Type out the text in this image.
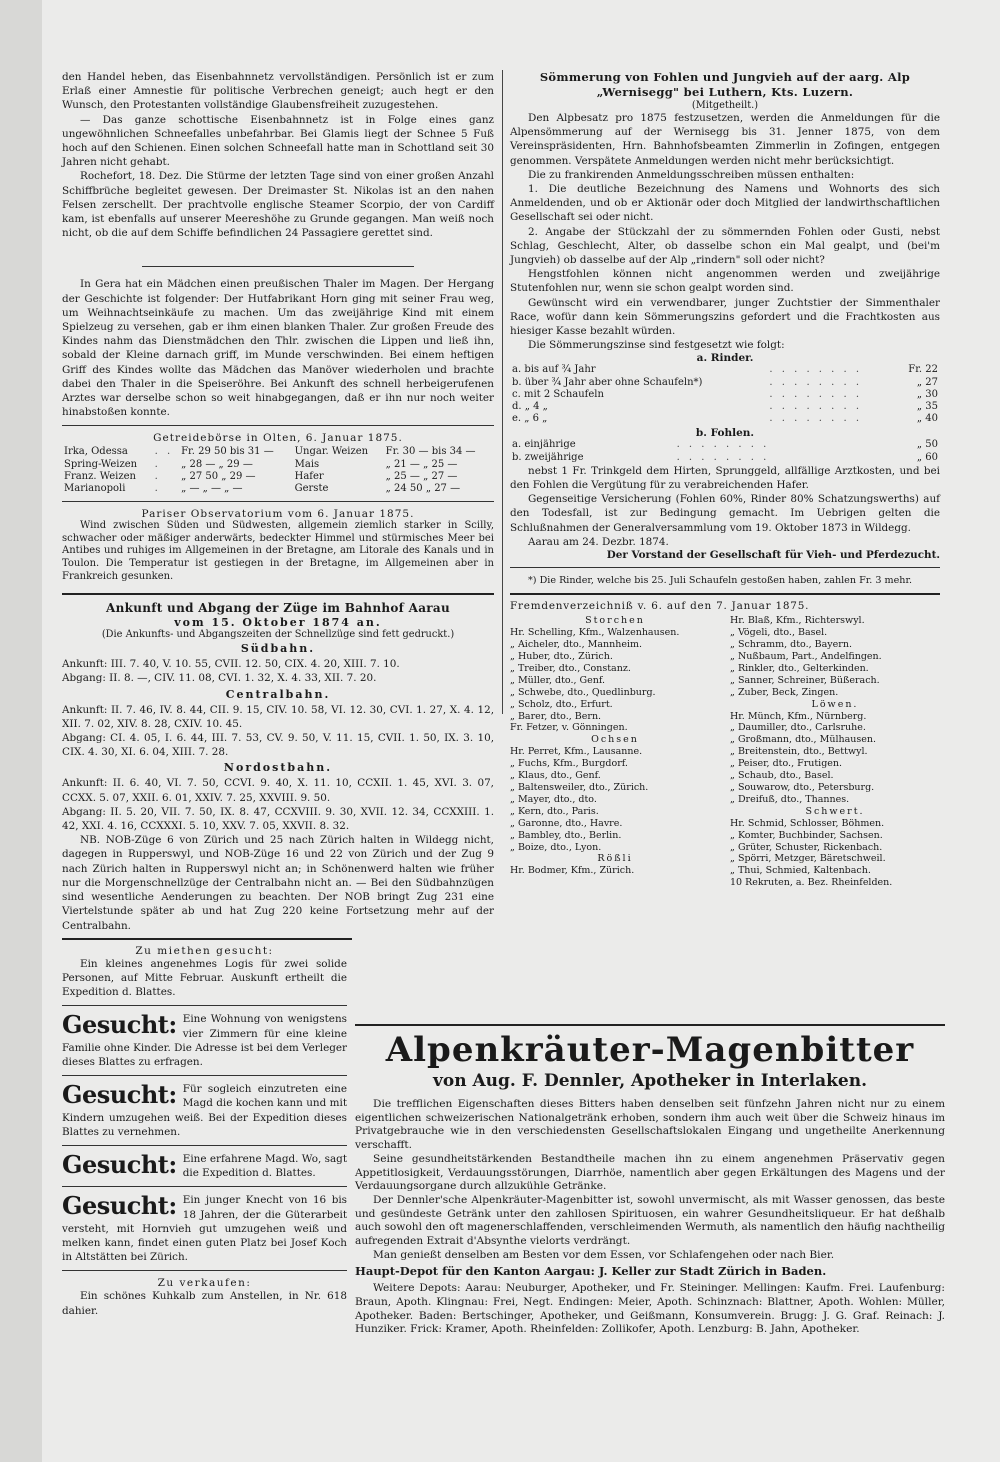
den Handel heben, das Eisenbahnnetz vervollständigen. Persönlich ist er zum Erlaß einer Amnestie für politische Verbrechen geneigt; auch hegt er den Wunsch, den Protestanten vollständige Glaubensfreiheit zuzugestehen.

— Das ganze schottische Eisenbahnnetz ist in Folge eines ganz ungewöhnlichen Schneefalles unbefahrbar. Bei Glamis liegt der Schnee 5 Fuß hoch auf den Schienen. Einen solchen Schneefall hatte man in Schottland seit 30 Jahren nicht gehabt.

Rochefort, 18. Dez. Die Stürme der letzten Tage sind von einer großen Anzahl Schiffbrüche begleitet gewesen. Der Dreimaster St. Nikolas ist an den nahen Felsen zerschellt. Der prachtvolle englische Steamer Scorpio, der von Cardiff kam, ist ebenfalls auf unserer Meereshöhe zu Grunde gegangen. Man weiß noch nicht, ob die auf dem Schiffe befindlichen 24 Passagiere gerettet sind.

In Gera hat ein Mädchen einen preußischen Thaler im Magen. Der Hergang der Geschichte ist folgender: Der Hutfabrikant Horn ging mit seiner Frau weg, um Weihnachtseinkäufe zu machen. Um das zweijährige Kind mit einem Spielzeug zu versehen, gab er ihm einen blanken Thaler. Zur großen Freude des Kindes nahm das Dienstmädchen den Thlr. zwischen die Lippen und ließ ihn, sobald der Kleine darnach griff, im Munde verschwinden. Bei einem heftigen Griff des Kindes wollte das Mädchen das Manöver wiederholen und brachte dabei den Thaler in die Speiseröhre. Bei Ankunft des schnell herbeigerufenen Arztes war derselbe schon so weit hinabgegangen, daß er ihn nur noch weiter hinabstoßen konnte.

Getreidebörse in Olten, 6. Januar 1875.
Irka, Odessa	. .	Fr. 29 50 bis 31 —	Ungar. Weizen	Fr. 30 — bis 34 —
Spring-Weizen	.	„ 28 — „ 29 —	Mais	„ 21 — „ 25 —
Franz. Weizen	.	„ 27 50 „ 29 —	Hafer	„ 25 — „ 27 —
Marianopoli	.	„ — „ — „ —	Gerste	„ 24 50 „ 27 —
Pariser Observatorium vom 6. Januar 1875.

Wind zwischen Süden und Südwesten, allgemein ziemlich starker in Scilly, schwacher oder mäßiger anderwärts, bedeckter Himmel und stürmisches Meer bei Antibes und ruhiges im Allgemeinen in der Bretagne, am Litorale des Kanals und in Toulon. Die Temperatur ist gestiegen in der Bretagne, im Allgemeinen aber in Frankreich gesunken.

Ankunft und Abgang der Züge im Bahnhof Aarau
vom 15. Oktober 1874 an.
(Die Ankunfts- und Abgangszeiten der Schnellzüge sind fett gedruckt.)
Südbahn.

Ankunft: III. 7. 40, V. 10. 55, CVII. 12. 50, CIX. 4. 20, XIII. 7. 10.

Abgang: II. 8. —, CIV. 11. 08, CVI. 1. 32, X. 4. 33, XII. 7. 20.

Centralbahn.

Ankunft: II. 7. 46, IV. 8. 44, CII. 9. 15, CIV. 10. 58, VI. 12. 30, CVI. 1. 27, X. 4. 12, XII. 7. 02, XIV. 8. 28, CXIV. 10. 45.

Abgang: CI. 4. 05, I. 6. 44, III. 7. 53, CV. 9. 50, V. 11. 15, CVII. 1. 50, IX. 3. 10, CIX. 4. 30, XI. 6. 04, XIII. 7. 28.

Nordostbahn.

Ankunft: II. 6. 40, VI. 7. 50, CCVI. 9. 40, X. 11. 10, CCXII. 1. 45, XVI. 3. 07, CCXX. 5. 07, XXII. 6. 01, XXIV. 7. 25, XXVIII. 9. 50.

Abgang: II. 5. 20, VII. 7. 50, IX. 8. 47, CCXVIII. 9. 30, XVII. 12. 34, CCXXIII. 1. 42, XXI. 4. 16, CCXXXI. 5. 10, XXV. 7. 05, XXVII. 8. 32.

NB. NOB-Züge 6 von Zürich und 25 nach Zürich halten in Wildegg nicht, dagegen in Rupperswyl, und NOB-Züge 16 und 22 von Zürich und der Zug 9 nach Zürich halten in Rupperswyl nicht an; in Schönenwerd halten wie früher nur die Morgenschnellzüge der Centralbahn nicht an. — Bei den Südbahnzügen sind wesentliche Aenderungen zu beachten. Der NOB bringt Zug 231 eine Viertelstunde später ab und hat Zug 220 keine Fortsetzung mehr auf der Centralbahn.

Zu miethen gesucht:

Ein kleines angenehmes Logis für zwei solide Personen, auf Mitte Februar. Auskunft ertheilt die Expedition d. Blattes.

Gesucht: Eine Wohnung von wenigstens vier Zimmern für eine kleine Familie ohne Kinder. Die Adresse ist bei dem Verleger dieses Blattes zu erfragen.

Gesucht: Für sogleich einzutreten eine Magd die kochen kann und mit Kindern umzugehen weiß. Bei der Expedition dieses Blattes zu vernehmen.

Gesucht: Eine erfahrene Magd. Wo, sagt die Expedition d. Blattes.

Gesucht: Ein junger Knecht von 16 bis 18 Jahren, der die Güterarbeit versteht, mit Hornvieh gut umzugehen weiß und melken kann, findet einen guten Platz bei Josef Koch in Altstätten bei Zürich.

Zu verkaufen:

Ein schönes Kuhkalb zum Anstellen, in Nr. 618 dahier.

Sömmerung von Fohlen und Jungvieh auf der aarg. Alp
„Wernisegg" bei Luthern, Kts. Luzern.
(Mitgetheilt.)

Den Alpbesatz pro 1875 festzusetzen, werden die Anmeldungen für die Alpensömmerung auf der Wernisegg bis 31. Jenner 1875, von dem Vereinspräsidenten, Hrn. Bahnhofsbeamten Zimmerlin in Zofingen, entgegen genommen. Verspätete Anmeldungen werden nicht mehr berücksichtigt.

Die zu frankirenden Anmeldungsschreiben müssen enthalten:

1. Die deutliche Bezeichnung des Namens und Wohnorts des sich Anmeldenden, und ob er Aktionär oder doch Mitglied der landwirthschaftlichen Gesellschaft sei oder nicht.

2. Angabe der Stückzahl der zu sömmernden Fohlen oder Gusti, nebst Schlag, Geschlecht, Alter, ob dasselbe schon ein Mal gealpt, und (bei'm Jungvieh) ob dasselbe auf der Alp „rindern" soll oder nicht?

Hengstfohlen können nicht angenommen werden und zweijährige Stutenfohlen nur, wenn sie schon gealpt worden sind.

Gewünscht wird ein verwendbarer, junger Zuchtstier der Simmenthaler Race, wofür dann kein Sömmerungszins gefordert und die Frachtkosten aus hiesiger Kasse bezahlt würden.

Die Sömmerungszinse sind festgesetzt wie folgt:

a. Rinder.
a. bis auf ¾ Jahr	. . . . . . . .	Fr. 22
b. über ¾ Jahr aber ohne Schaufeln*)	. . . . . . . .	„ 27
c. mit 2 Schaufeln	. . . . . . . .	„ 30
d. „ 4 „	. . . . . . . .	„ 35
e. „ 6 „	. . . . . . . .	„ 40
b. Fohlen.
a. einjährige	. . . . . . . .	„ 50
b. zweijährige	. . . . . . . .	„ 60

nebst 1 Fr. Trinkgeld dem Hirten, Sprunggeld, allfällige Arztkosten, und bei den Fohlen die Vergütung für zu verabreichenden Hafer.

Gegenseitige Versicherung (Fohlen 60%, Rinder 80% Schatzungswerths) auf den Todesfall, ist zur Bedingung gemacht. Im Uebrigen gelten die Schlußnahmen der Generalversammlung vom 19. Oktober 1873 in Wildegg.

Aarau am 24. Dezbr. 1874.

Der Vorstand der Gesellschaft für Vieh- und Pferdezucht.

*) Die Rinder, welche bis 25. Juli Schaufeln gestoßen haben, zahlen Fr. 3 mehr.

Fremdenverzeichniß v. 6. auf den 7. Januar 1875.
Storchen
Hr. Schelling, Kfm., Walzenhausen.
„ Aicheler, dto., Mannheim.
„ Huber, dto., Zürich.
„ Treiber, dto., Constanz.
„ Müller, dto., Genf.
„ Schwebe, dto., Quedlinburg.
„ Scholz, dto., Erfurt.
„ Barer, dto., Bern.
Fr. Fetzer, v. Gönningen.
Ochsen
Hr. Perret, Kfm., Lausanne.
„ Fuchs, Kfm., Burgdorf.
„ Klaus, dto., Genf.
„ Baltensweiler, dto., Zürich.
„ Mayer, dto., dto.
„ Kern, dto., Paris.
„ Garonne, dto., Havre.
„ Bambley, dto., Berlin.
„ Boize, dto., Lyon.
Rößli
Hr. Bodmer, Kfm., Zürich.
Hr. Blaß, Kfm., Richterswyl.
„ Vögeli, dto., Basel.
„ Schramm, dto., Bayern.
„ Nußbaum, Part., Andelfingen.
„ Rinkler, dto., Gelterkinden.
„ Sanner, Schreiner, Büßerach.
„ Zuber, Beck, Zingen.
Löwen.
Hr. Münch, Kfm., Nürnberg.
„ Daumiller, dto., Carlsruhe.
„ Großmann, dto., Mülhausen.
„ Breitenstein, dto., Bettwyl.
„ Peiser, dto., Frutigen.
„ Schaub, dto., Basel.
„ Souwarow, dto., Petersburg.
„ Dreifuß, dto., Thannes.
Schwert.
Hr. Schmid, Schlosser, Böhmen.
„ Komter, Buchbinder, Sachsen.
„ Grüter, Schuster, Rickenbach.
„ Spörri, Metzger, Bäretschweil.
„ Thui, Schmied, Kaltenbach.
10 Rekruten, a. Bez. Rheinfelden.
Alpenkräuter-Magenbitter
von Aug. F. Dennler, Apotheker in Interlaken.

Die trefflichen Eigenschaften dieses Bitters haben denselben seit fünfzehn Jahren nicht nur zu einem eigentlichen schweizerischen Nationalgetränk erhoben, sondern ihm auch weit über die Schweiz hinaus im Privatgebrauche wie in den verschiedensten Gesellschaftslokalen Eingang und ungetheilte Anerkennung verschafft.

Seine gesundheitstärkenden Bestandtheile machen ihn zu einem angenehmen Präservativ gegen Appetitlosigkeit, Verdauungsstörungen, Diarrhöe, namentlich aber gegen Erkältungen des Magens und der Verdauungsorgane durch allzukühle Getränke.

Der Dennler'sche Alpenkräuter-Magenbitter ist, sowohl unvermischt, als mit Wasser genossen, das beste und gesündeste Getränk unter den zahllosen Spirituosen, ein wahrer Gesundheitsliqueur. Er hat deßhalb auch sowohl den oft magenerschlaffenden, verschleimenden Wermuth, als namentlich den häufig nachtheilig aufregenden Extrait d'Absynthe vielorts verdrängt.

Man genießt denselben am Besten vor dem Essen, vor Schlafengehen oder nach Bier.

Haupt-Depot für den Kanton Aargau: J. Keller zur Stadt Zürich in Baden.

Weitere Depots: Aarau: Neuburger, Apotheker, und Fr. Steininger. Mellingen: Kaufm. Frei. Laufenburg: Braun, Apoth. Klingnau: Frei, Negt. Endingen: Meier, Apoth. Schinznach: Blattner, Apoth. Wohlen: Müller, Apotheker. Baden: Bertschinger, Apotheker, und Geißmann, Konsumverein. Brugg: J. G. Graf. Reinach: J. Hunziker. Frick: Kramer, Apoth. Rheinfelden: Zollikofer, Apoth. Lenzburg: B. Jahn, Apotheker.
